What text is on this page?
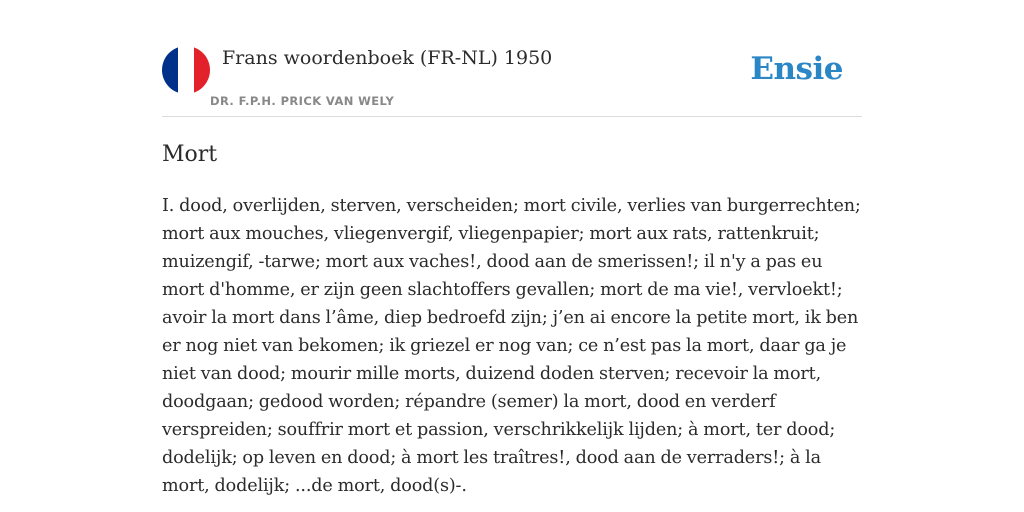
Frans woordenboek (FR-NL) 1950
DR. F.P.H. PRICK VAN WELY
Ensie
Mort

I. dood, overlijden, sterven, verscheiden; mort civile, verlies van burgerrechten; mort aux mouches, vliegenvergif, vliegenpapier; mort aux rats, rattenkruit; muizengif, -tarwe; mort aux vaches!, dood aan de smerissen!; il n'y a pas eu mort d'homme, er zijn geen slachtoffers gevallen; mort de ma vie!, vervloekt!; avoir la mort dans l’âme, diep bedroefd zijn; j’en ai encore la petite mort, ik ben er nog niet van bekomen; ik griezel er nog van; ce n’est pas la mort, daar ga je niet van dood; mourir mille morts, duizend doden sterven; recevoir la mort, doodgaan; gedood worden; répandre (semer) la mort, dood en verderf verspreiden; souffrir mort et passion, verschrikkelijk lijden; à mort, ter dood; dodelijk; op leven en dood; à mort les traîtres!, dood aan de verraders!; à la mort, dodelijk; ...de mort, dood(s)-.
